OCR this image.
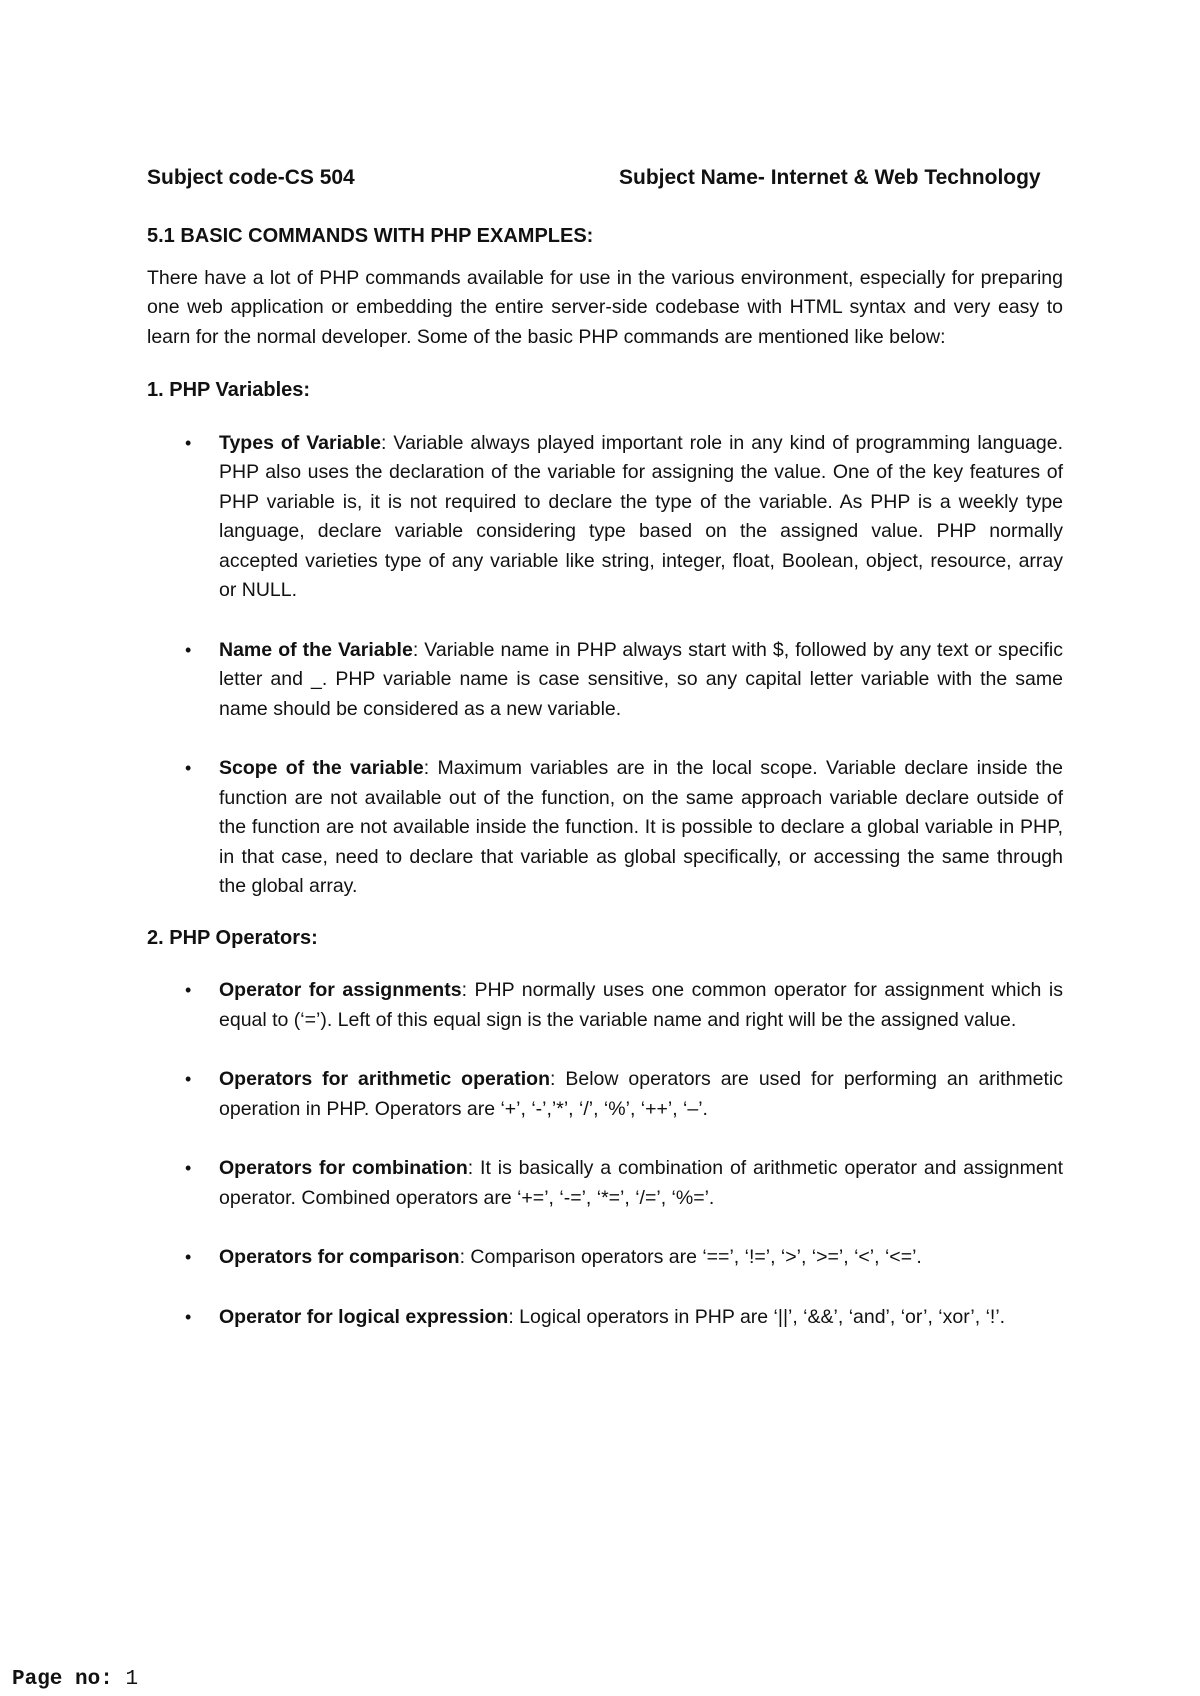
Subject code-CS 504	Subject Name- Internet & Web Technology
5.1 BASIC COMMANDS WITH PHP EXAMPLES:

There have a lot of PHP commands available for use in the various environment, especially for preparing one web application or embedding the entire server-side codebase with HTML syntax and very easy to learn for the normal developer. Some of the basic PHP commands are mentioned like below:

1. PHP Variables:
• Types of Variable: Variable always played important role in any kind of programming language. PHP also uses the declaration of the variable for assigning the value. One of the key features of PHP variable is, it is not required to declare the type of the variable. As PHP is a weekly type language, declare variable considering type based on the assigned value. PHP normally accepted varieties type of any variable like string, integer, float, Boolean, object, resource, array or NULL.
• Name of the Variable: Variable name in PHP always start with $, followed by any text or specific letter and _. PHP variable name is case sensitive, so any capital letter variable with the same name should be considered as a new variable.
• Scope of the variable: Maximum variables are in the local scope. Variable declare inside the function are not available out of the function, on the same approach variable declare outside of the function are not available inside the function. It is possible to declare a global variable in PHP, in that case, need to declare that variable as global specifically, or accessing the same through the global array.
2. PHP Operators:
• Operator for assignments: PHP normally uses one common operator for assignment which is equal to (‘=’). Left of this equal sign is the variable name and right will be the assigned value.
• Operators for arithmetic operation: Below operators are used for performing an arithmetic operation in PHP. Operators are ‘+’, ‘-’,’*’, ‘/’, ‘%’, ‘++’, ‘–’.
• Operators for combination: It is basically a combination of arithmetic operator and assignment operator. Combined operators are ‘+=’, ‘-=’, ‘*=’, ‘/=’, ‘%=’.
• Operators for comparison: Comparison operators are ‘==’, ‘!=’, ‘>’, ‘>=’, ‘<’, ‘<=’.
• Operator for logical expression: Logical operators in PHP are ‘||’, ‘&&’, ‘and’, ‘or’, ‘xor’, ‘!’.
Page no: 1
